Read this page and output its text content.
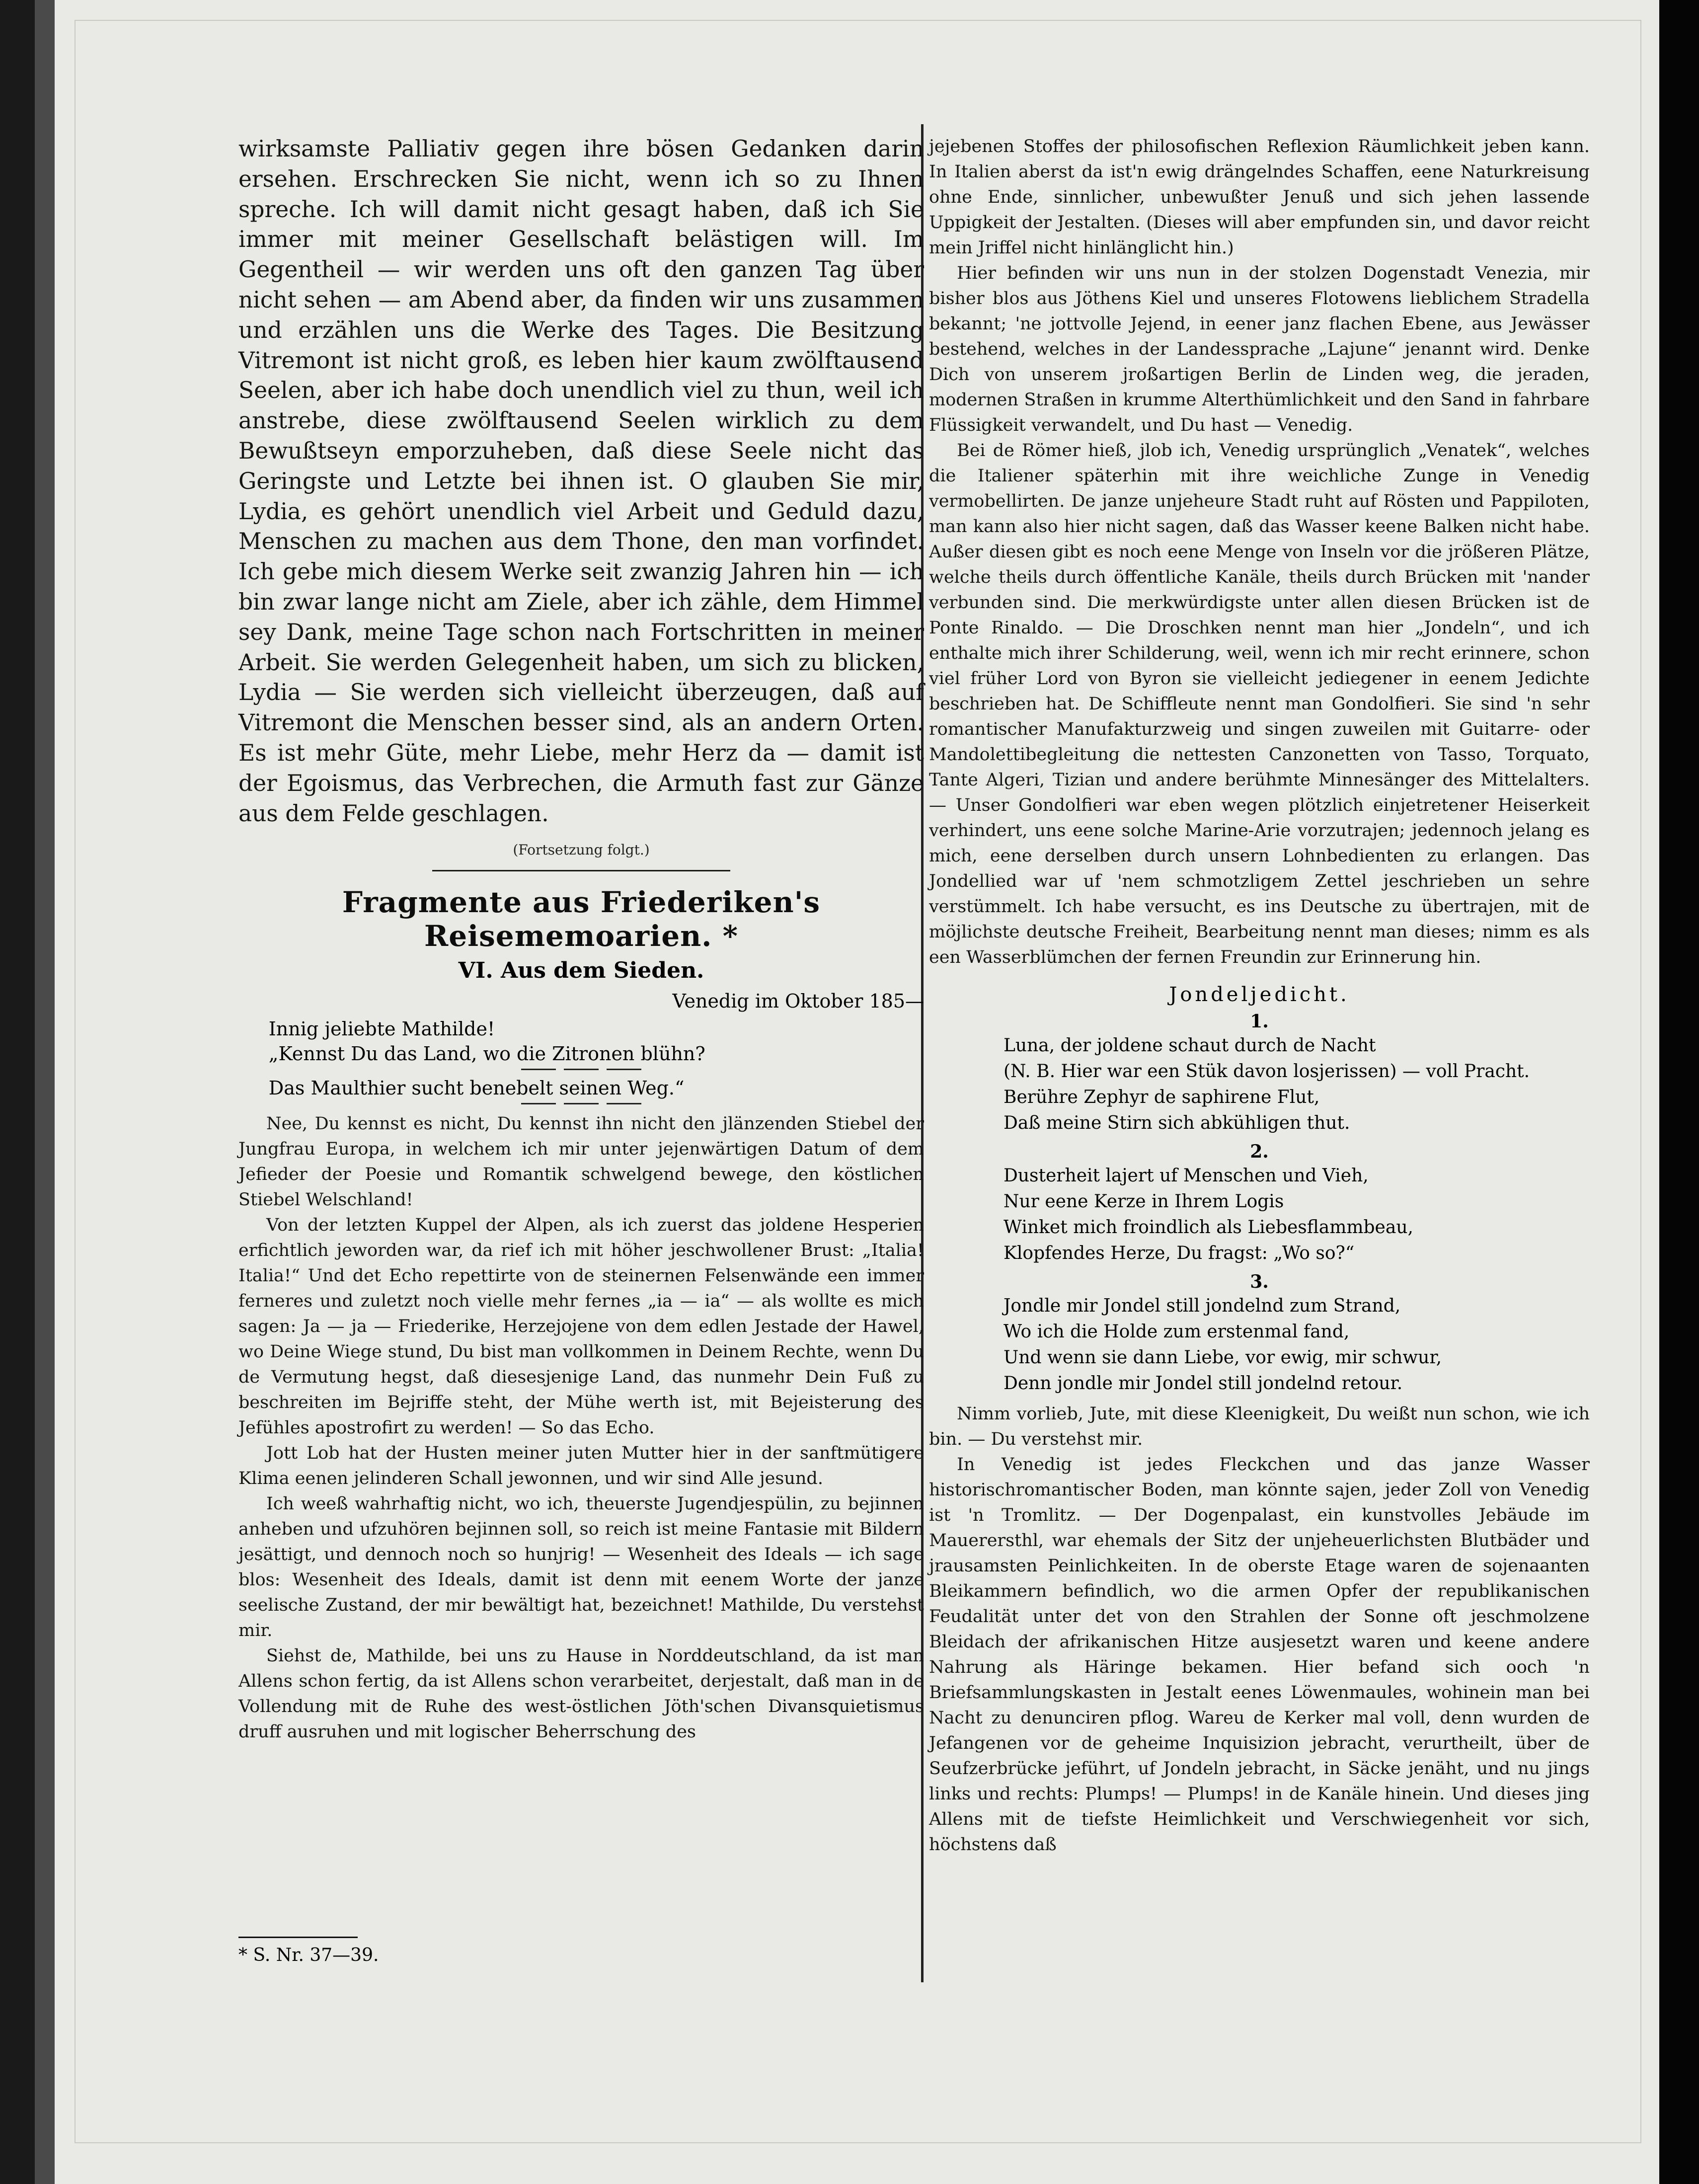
wirksamste Palliativ gegen ihre bösen Gedanken darin ersehen. Erschrecken Sie nicht, wenn ich so zu Ihnen spreche. Ich will damit nicht gesagt haben, daß ich Sie immer mit meiner Gesellschaft belästigen will. Im Gegentheil — wir werden uns oft den ganzen Tag über nicht sehen — am Abend aber, da finden wir uns zusammen und erzählen uns die Werke des Tages. Die Besitzung Vitremont ist nicht groß, es leben hier kaum zwölftausend Seelen, aber ich habe doch unendlich viel zu thun, weil ich anstrebe, diese zwölftausend Seelen wirklich zu dem Bewußtseyn emporzuheben, daß diese Seele nicht das Geringste und Letzte bei ihnen ist. O glauben Sie mir, Lydia, es gehört unendlich viel Arbeit und Geduld dazu, Menschen zu machen aus dem Thone, den man vorfindet. Ich gebe mich diesem Werke seit zwanzig Jahren hin — ich bin zwar lange nicht am Ziele, aber ich zähle, dem Himmel sey Dank, meine Tage schon nach Fortschritten in meiner Arbeit. Sie werden Gelegenheit haben, um sich zu blicken, Lydia — Sie werden sich vielleicht überzeugen, daß auf Vitremont die Menschen besser sind, als an andern Orten. Es ist mehr Güte, mehr Liebe, mehr Herz da — damit ist der Egoismus, das Verbrechen, die Armuth fast zur Gänze aus dem Felde geschlagen.

(Fortsetzung folgt.)
Fragmente aus Friederiken's Reisememoarien. *
VI. Aus dem Sieden.
Venedig im Oktober 185—
Innig jeliebte Mathilde!
„Kennst Du das Land, wo die Zitronen blühn?
Das Maulthier sucht benebelt seinen Weg.“

Nee, Du kennst es nicht, Du kennst ihn nicht den jlänzenden Stiebel der Jungfrau Europa, in welchem ich mir unter jejenwärtigen Datum of dem Jefieder der Poesie und Romantik schwelgend bewege, den köstlichen Stiebel Welschland!

Von der letzten Kuppel der Alpen, als ich zuerst das joldene Hesperien erfichtlich jeworden war, da rief ich mit höher jeschwollener Brust: „Italia! Italia!“ Und det Echo repettirte von de steinernen Felsenwände een immer ferneres und zuletzt noch vielle mehr fernes „ia — ia“ — als wollte es mich sagen: Ja — ja — Friederike, Herzejojene von dem edlen Jestade der Hawel, wo Deine Wiege stund, Du bist man vollkommen in Deinem Rechte, wenn Du de Vermutung hegst, daß diesesjenige Land, das nunmehr Dein Fuß zu beschreiten im Bejriffe steht, der Mühe werth ist, mit Bejeisterung des Jefühles apostrofirt zu werden! — So das Echo.

Jott Lob hat der Husten meiner juten Mutter hier in der sanftmütigere Klima eenen jelinderen Schall jewonnen, und wir sind Alle jesund.

Ich weeß wahrhaftig nicht, wo ich, theuerste Jugendjespülin, zu bejinnen anheben und ufzuhören bejinnen soll, so reich ist meine Fantasie mit Bildern jesättigt, und dennoch noch so hunjrig! — Wesenheit des Ideals — ich sage blos: Wesenheit des Ideals, damit ist denn mit eenem Worte der janze seelische Zustand, der mir bewältigt hat, bezeichnet! Mathilde, Du verstehst mir.

Siehst de, Mathilde, bei uns zu Hause in Norddeutschland, da ist man Allens schon fertig, da ist Allens schon verarbeitet, derjestalt, daß man in de Vollendung mit de Ruhe des west-östlichen Jöth'schen Divansquietismus druff ausruhen und mit logischer Beherrschung des

* S. Nr. 37—39.

jejebenen Stoffes der philosofischen Reflexion Räumlichkeit jeben kann. In Italien aberst da ist'n ewig drängelndes Schaffen, eene Naturkreisung ohne Ende, sinnlicher, unbewußter Jenuß und sich jehen lassende Uppigkeit der Jestalten. (Dieses will aber empfunden sin, und davor reicht mein Jriffel nicht hinlänglicht hin.)

Hier befinden wir uns nun in der stolzen Dogenstadt Venezia, mir bisher blos aus Jöthens Kiel und unseres Flotowens lieblichem Stradella bekannt; 'ne jottvolle Jejend, in eener janz flachen Ebene, aus Jewässer bestehend, welches in der Landessprache „Lajune“ jenannt wird. Denke Dich von unserem jroßartigen Berlin de Linden weg, die jeraden, modernen Straßen in krumme Alterthümlichkeit und den Sand in fahrbare Flüssigkeit verwandelt, und Du hast — Venedig.

Bei de Römer hieß, jlob ich, Venedig ursprünglich „Venatek“, welches die Italiener späterhin mit ihre weichliche Zunge in Venedig vermobellirten. De janze unjeheure Stadt ruht auf Rösten und Pappiloten, man kann also hier nicht sagen, daß das Wasser keene Balken nicht habe. Außer diesen gibt es noch eene Menge von Inseln vor die jrößeren Plätze, welche theils durch öffentliche Kanäle, theils durch Brücken mit 'nander verbunden sind. Die merkwürdigste unter allen diesen Brücken ist de Ponte Rinaldo. — Die Droschken nennt man hier „Jondeln“, und ich enthalte mich ihrer Schilderung, weil, wenn ich mir recht erinnere, schon viel früher Lord von Byron sie vielleicht jediegener in eenem Jedichte beschrieben hat. De Schiffleute nennt man Gondolfieri. Sie sind 'n sehr romantischer Manufakturzweig und singen zuweilen mit Guitarre- oder Mandolettibegleitung die nettesten Canzonetten von Tasso, Torquato, Tante Algeri, Tizian und andere berühmte Minnesänger des Mittelalters. — Unser Gondolfieri war eben wegen plötzlich einjetretener Heiserkeit verhindert, uns eene solche Marine-Arie vorzutrajen; jedennoch jelang es mich, eene derselben durch unsern Lohnbedienten zu erlangen. Das Jondellied war uf 'nem schmotzligem Zettel jeschrieben un sehre verstümmelt. Ich habe versucht, es ins Deutsche zu übertrajen, mit de möjlichste deutsche Freiheit, Bearbeitung nennt man dieses; nimm es als een Wasserblümchen der fernen Freundin zur Erinnerung hin.

Jondeljedicht.
1.
Luna, der joldene schaut durch de Nacht
(N. B. Hier war een Stük davon losjerissen) — voll Pracht.
Berühre Zephyr de saphirene Flut,
Daß meine Stirn sich abkühligen thut.
2.
Dusterheit lajert uf Menschen und Vieh,
Nur eene Kerze in Ihrem Logis
Winket mich froindlich als Liebesflammbeau,
Klopfendes Herze, Du fragst: „Wo so?“
3.
Jondle mir Jondel still jondelnd zum Strand,
Wo ich die Holde zum erstenmal fand,
Und wenn sie dann Liebe, vor ewig, mir schwur,
Denn jondle mir Jondel still jondelnd retour.

Nimm vorlieb, Jute, mit diese Kleenigkeit, Du weißt nun schon, wie ich bin. — Du verstehst mir.

In Venedig ist jedes Fleckchen und das janze Wasser historischromantischer Boden, man könnte sajen, jeder Zoll von Venedig ist 'n Tromlitz. — Der Dogenpalast, ein kunstvolles Jebäude im Mauerersthl, war ehemals der Sitz der unjeheuerlichsten Blutbäder und jrausamsten Peinlichkeiten. In de oberste Etage waren de sojenaanten Bleikammern befindlich, wo die armen Opfer der republikanischen Feudalität unter det von den Strahlen der Sonne oft jeschmolzene Bleidach der afrikanischen Hitze ausjesetzt waren und keene andere Nahrung als Häringe bekamen. Hier befand sich ooch 'n Briefsammlungskasten in Jestalt eenes Löwenmaules, wohinein man bei Nacht zu denunciren pflog. Wareu de Kerker mal voll, denn wurden de Jefangenen vor de geheime Inquisizion jebracht, verurtheilt, über de Seufzerbrücke jeführt, uf Jondeln jebracht, in Säcke jenäht, und nu jings links und rechts: Plumps! — Plumps! in de Kanäle hinein. Und dieses jing Allens mit de tiefste Heimlichkeit und Verschwiegenheit vor sich, höchstens daß
